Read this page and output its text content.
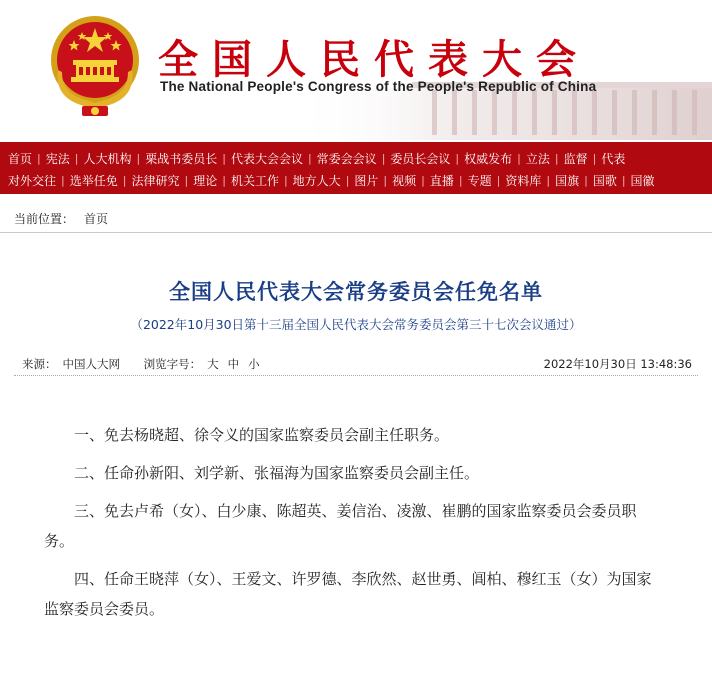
全国人民代表大会
The National People's Congress of the People's Republic of China
首页 | 宪法 | 人大机构 | 栗战书委员长 | 代表大会会议 | 常委会会议 | 委员长会议 | 权威发布 | 立法 | 监督 | 代表
对外交往 | 选举任免 | 法律研究 | 理论 | 机关工作 | 地方人大 | 图片 | 视频 | 直播 | 专题 | 资料库 | 国旗 | 国歌 | 国徽
当前位置： 首页
全国人民代表大会常务委员会任免名单
（2022年10月30日第十三届全国人民代表大会常务委员会第三十七次会议通过）
来源： 中国人大网 浏览字号： 大 中 小	2022年10月30日 13:48:36

一、免去杨晓超、徐令义的国家监察委员会副主任职务。

二、任命孙新阳、刘学新、张福海为国家监察委员会副主任。

三、免去卢希（女）、白少康、陈超英、姜信治、凌激、崔鹏的国家监察委员会委员职务。

四、任命王晓萍（女）、王爱文、许罗德、李欣然、赵世勇、阊柏、穆红玉（女）为国家监察委员会委员。
